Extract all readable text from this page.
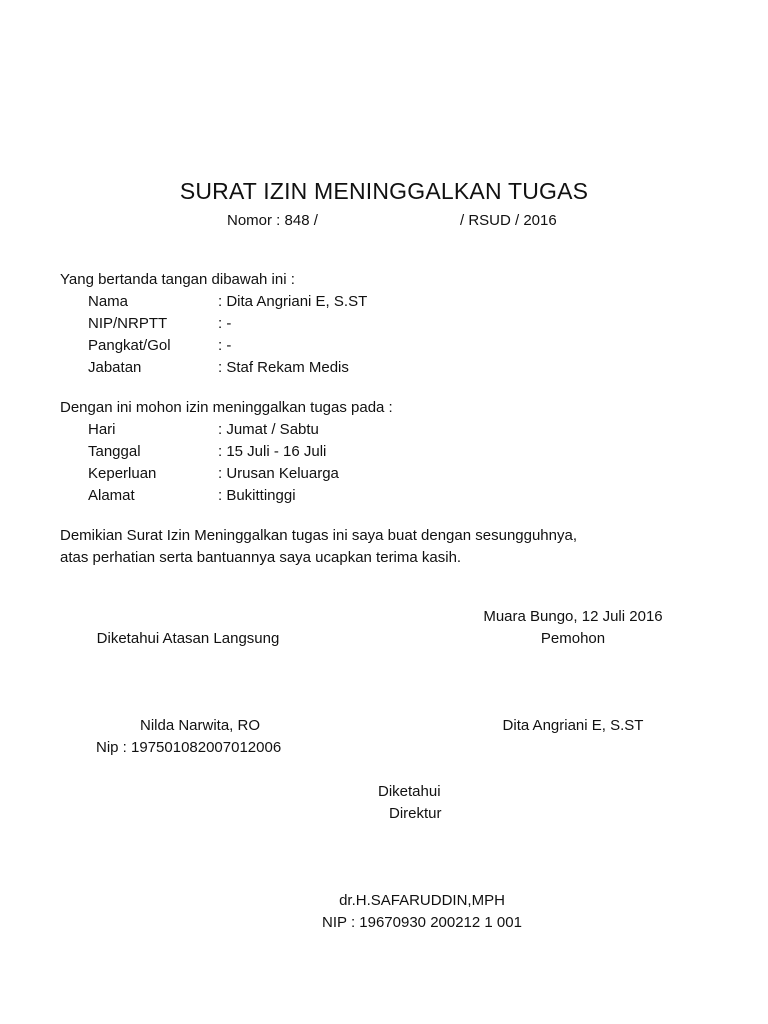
SURAT IZIN MENINGGALKAN TUGAS
Nomor : 848 /	/ RSUD / 2016
Yang bertanda tangan dibawah ini :
Nama	: Dita Angriani E, S.ST
NIP/NRPTT	: -
Pangkat/Gol	: -
Jabatan	: Staf Rekam Medis
Dengan ini mohon izin meninggalkan tugas pada :
Hari	: Jumat / Sabtu
Tanggal	: 15 Juli - 16 Juli
Keperluan	: Urusan Keluarga
Alamat	: Bukittinggi
Demikian Surat Izin Meninggalkan tugas ini saya buat dengan sesungguhnya,
atas perhatian serta bantuannya saya ucapkan terima kasih.
Muara Bungo, 12 Juli 2016
Diketahui Atasan Langsung	Pemohon
Nilda Narwita, RO	Dita Angriani E, S.ST
Nip : 197501082007012006
Diketahui
Direktur
dr.H.SAFARUDDIN,MPH
NIP : 19670930 200212 1 001
